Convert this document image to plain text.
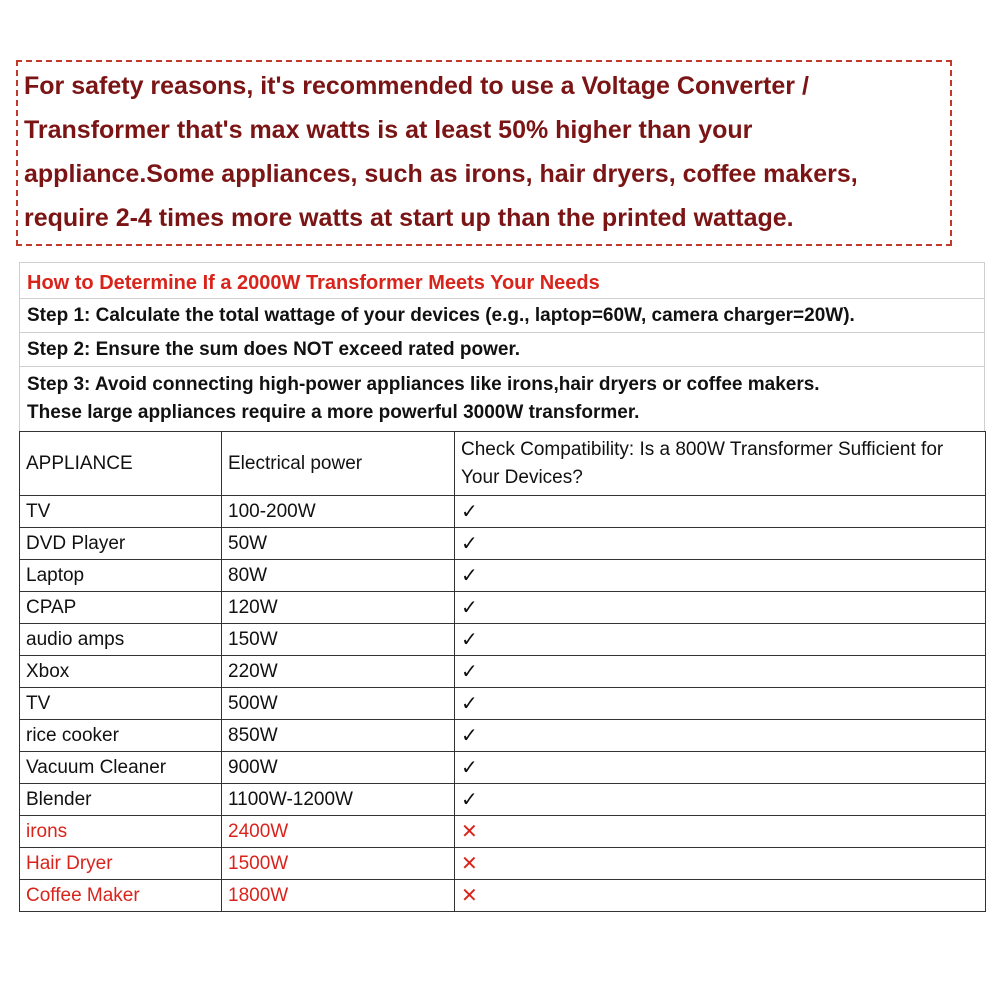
For safety reasons, it's recommended to use a Voltage Converter /
Transformer that's max watts is at least 50% higher than your
appliance.Some appliances, such as irons, hair dryers, coffee makers,
require 2-4 times more watts at start up than the printed wattage.

How to Determine If a 2000W Transformer Meets Your Needs
Step 1: Calculate the total wattage of your devices (e.g., laptop=60W, camera charger=20W).
Step 2: Ensure the sum does NOT exceed rated power.
Step 3: Avoid connecting high-power appliances like irons,hair dryers or coffee makers.
These large appliances require a more powerful 3000W transformer.
APPLIANCE	Electrical power	Check Compatibility: Is a 800W Transformer Sufficient for Your Devices?
TV	100-200W	✓
DVD Player	50W	✓
Laptop	80W	✓
CPAP	120W	✓
audio amps	150W	✓
Xbox	220W	✓
TV	500W	✓
rice cooker	850W	✓
Vacuum Cleaner	900W	✓
Blender	1100W-1200W	✓
irons	2400W	✕
Hair Dryer	1500W	✕
Coffee Maker	1800W	✕
